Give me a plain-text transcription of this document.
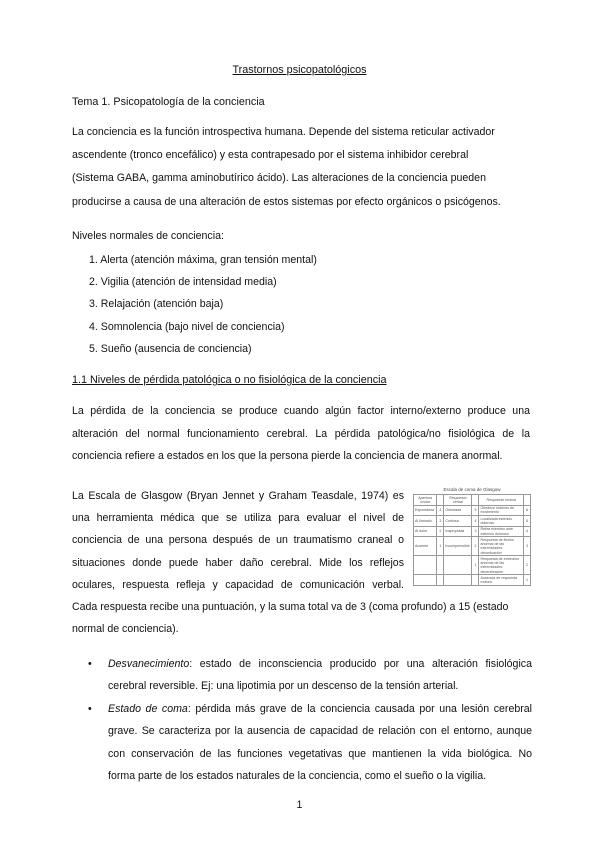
Trastornos psicopatológicos
Tema 1. Psicopatología de la conciencia
La conciencia es la función introspectiva humana. Depende del sistema reticular activador
ascendente (tronco encefálico) y esta contrapesado por el sistema inhibidor cerebral
(Sistema GABA, gamma aminobutírico ácido). Las alteraciones de la conciencia pueden
producirse a causa de una alteración de estos sistemas por efecto orgánicos o psicógenos.
Niveles normales de conciencia:
1. Alerta (atención máxima, gran tensión mental)
2. Vigilia (atención de intensidad media)
3. Relajación (atención baja)
4. Somnolencia (bajo nivel de conciencia)
5. Sueño (ausencia de conciencia)
1.1 Niveles de pérdida patológica o no fisiológica de la conciencia
La pérdida de la conciencia se produce cuando algún factor interno/externo produce una
alteración del normal funcionamiento cerebral. La pérdida patológica/no fisiológica de la
conciencia refiere a estados en los que la persona pierde la conciencia de manera anormal.
La Escala de Glasgow (Bryan Jennet y Graham Teasdale, 1974) es
una herramienta médica que se utiliza para evaluar el nivel de
conciencia de una persona después de un traumatismo craneal o
situaciones donde puede haber daño cerebral. Mide los reflejos
oculares, respuesta refleja y capacidad de comunicación verbal.
Cada respuesta recibe una puntuación, y la suma total va de 3 (coma profundo) a 15 (estado
normal de conciencia).
Escala de coma de Glasgow
Apertura ocular		Respuesta verbal		Respuesta motora	
Espontánea	4	Orientada	5	Obedece órdenes de movimiento	6
Al llamado	3	Confusa	4	Localizada estímulo doloroso	5
Al dolor	2	Inapropiada	3	Retira miembro ante estímulo doloroso	4
Ausente	1	Incomprensible	2	Respuesta de flexión anormal de las extremidades: decorticación	3
			1	Respuesta de extensión anormal de las extremidades: decerebración	2
				Ausencia de respuesta motora	1
• Desvanecimiento: estado de inconsciencia producido por una alteración fisiológica
cerebral reversible. Ej: una lipotimia por un descenso de la tensión arterial.
• Estado de coma: pérdida más grave de la conciencia causada por una lesión cerebral
grave. Se caracteriza por la ausencia de capacidad de relación con el entorno, aunque
con conservación de las funciones vegetativas que mantienen la vida biológica. No
forma parte de los estados naturales de la conciencia, como el sueño o la vigilia.
1
